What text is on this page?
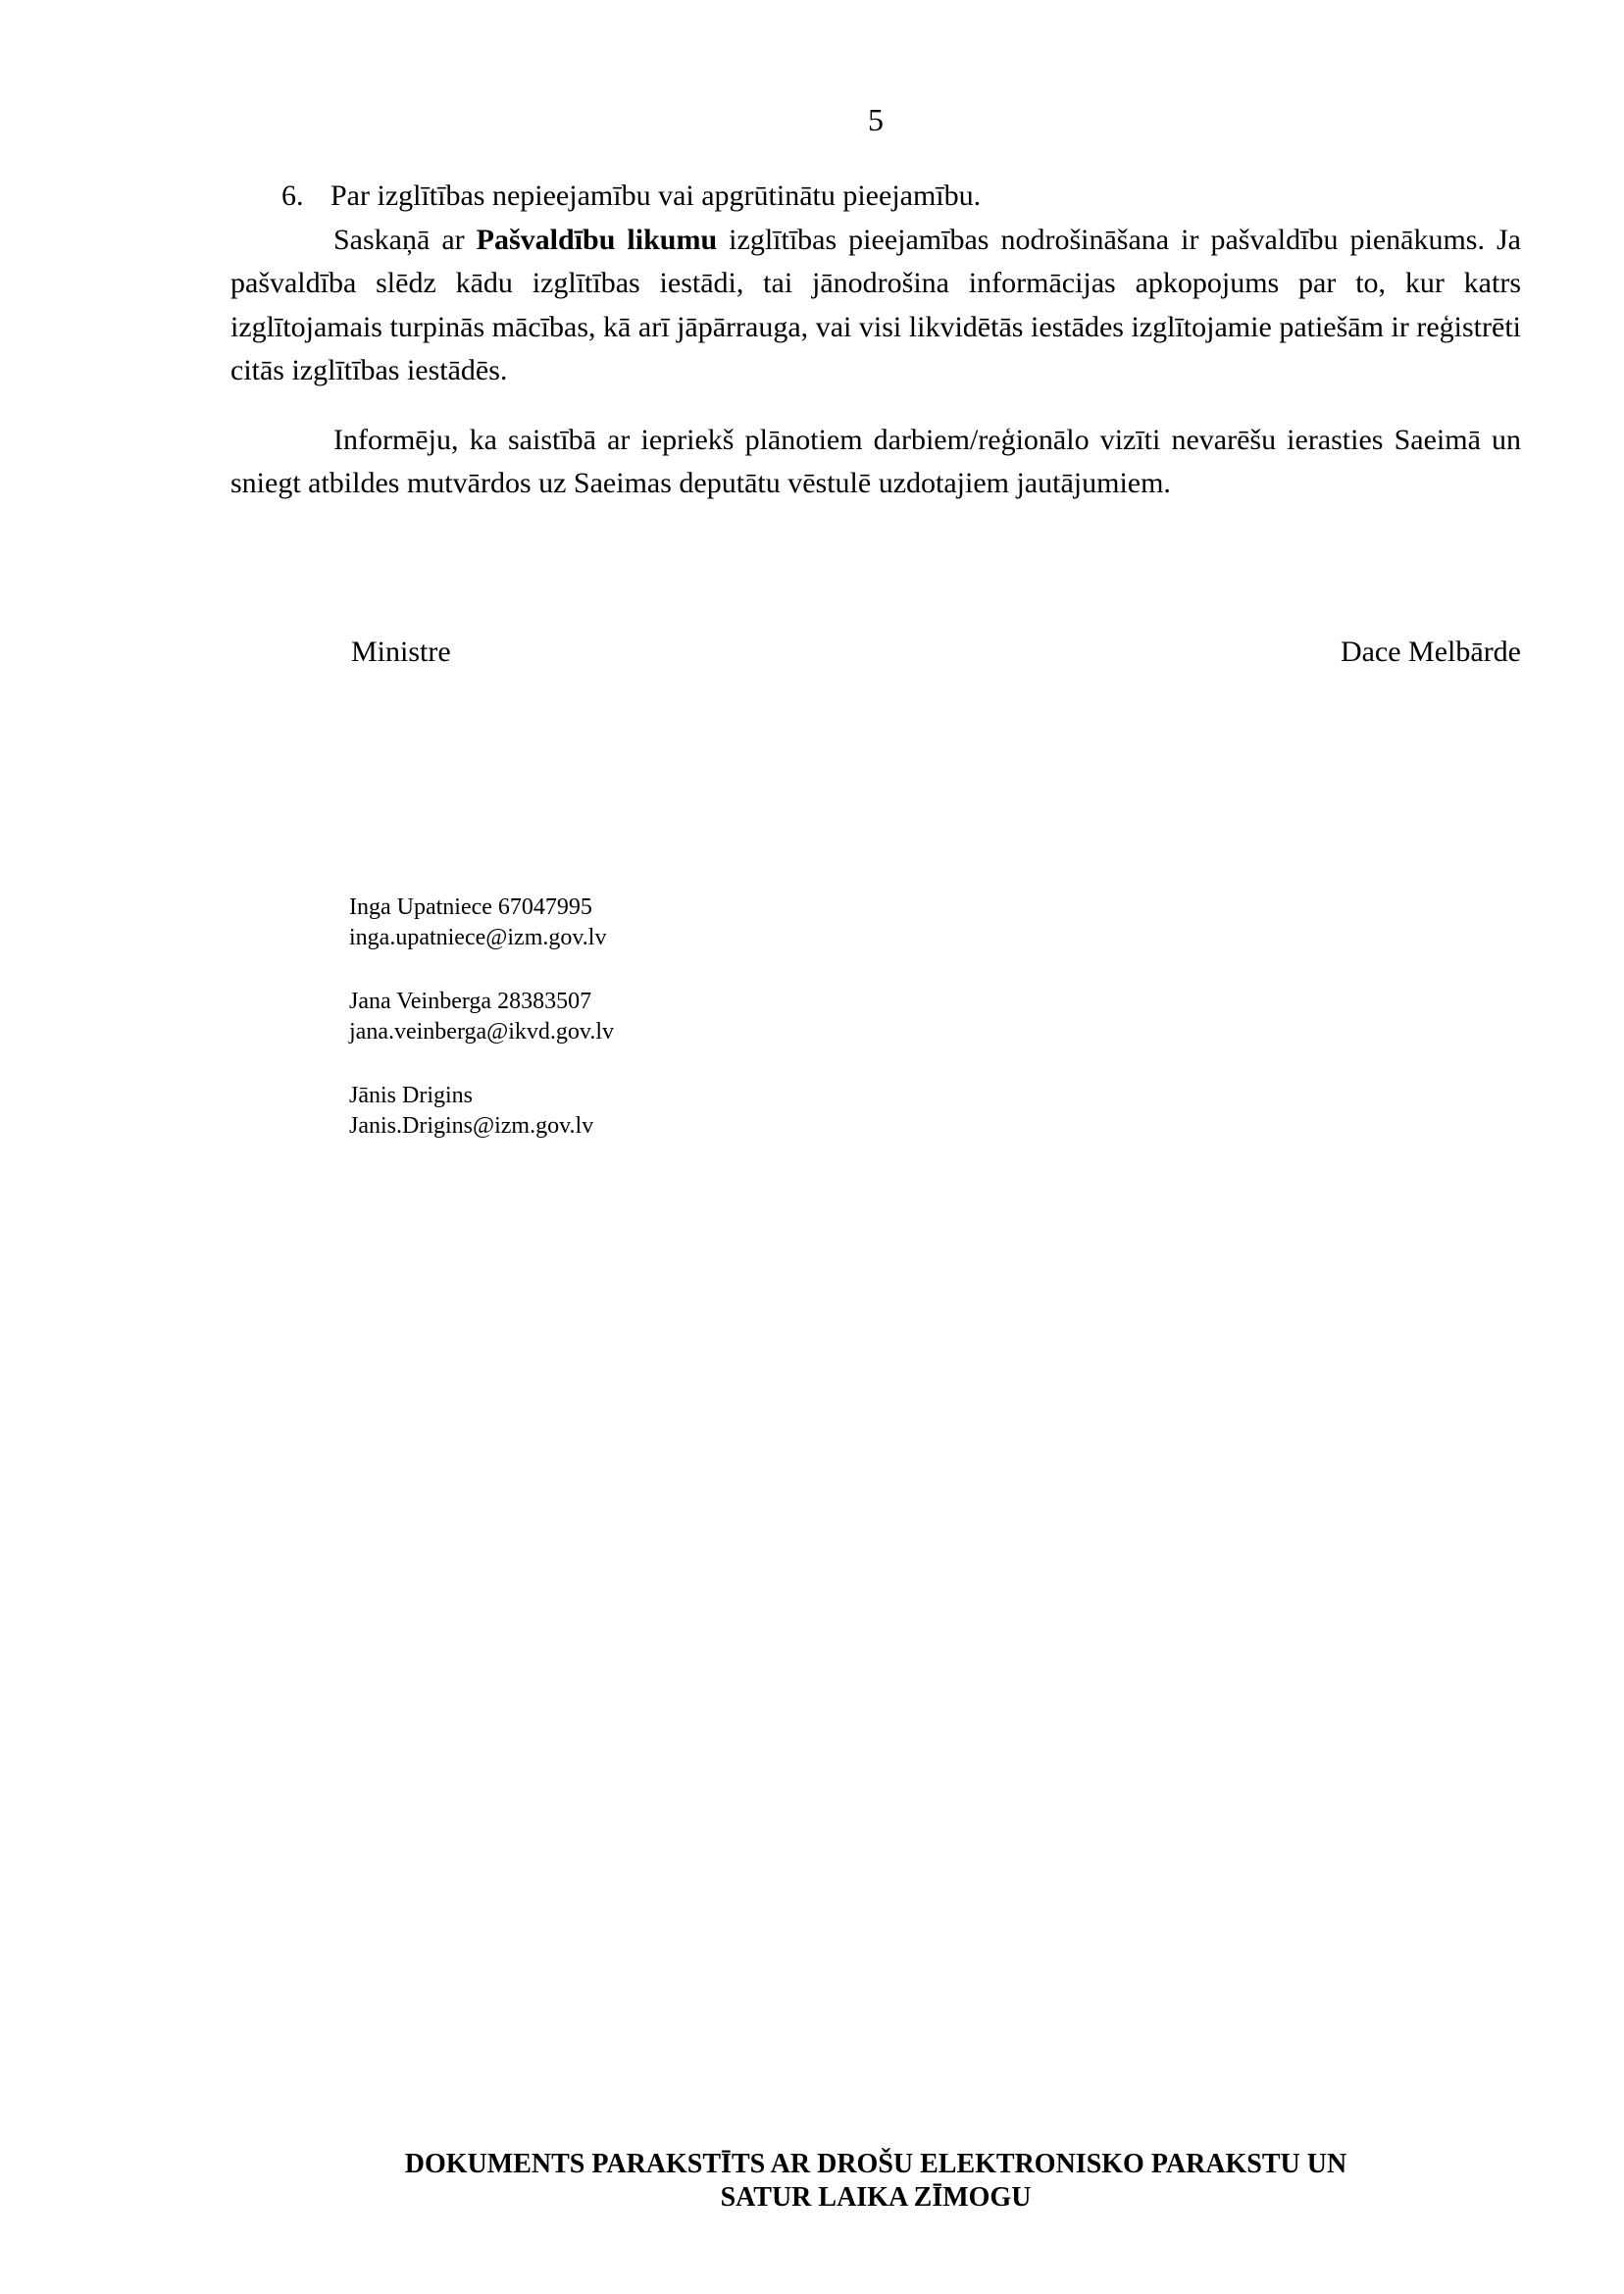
5
6. Par izglītības nepieejamību vai apgrūtinātu pieejamību.

Saskaņā ar Pašvaldību likumu izglītības pieejamības nodrošināšana ir pašvaldību pienākums. Ja pašvaldība slēdz kādu izglītības iestādi, tai jānodrošina informācijas apkopojums par to, kur katrs izglītojamais turpinās mācības, kā arī jāpārrauga, vai visi likvidētās iestādes izglītojamie patiešām ir reģistrēti citās izglītības iestādēs.

Informēju, ka saistībā ar iepriekš plānotiem darbiem/reģionālo vizīti nevarēšu ierasties Saeimā un sniegt atbildes mutvārdos uz Saeimas deputātu vēstulē uzdotajiem jautājumiem.

Ministre	Dace Melbārde
Inga Upatniece 67047995
inga.upatniece@izm.gov.lv
Jana Veinberga 28383507
jana.veinberga@ikvd.gov.lv
Jānis Drigins
Janis.Drigins@izm.gov.lv
DOKUMENTS PARAKSTĪTS AR DROŠU ELEKTRONISKO PARAKSTU UN
SATUR LAIKA ZĪMOGU
